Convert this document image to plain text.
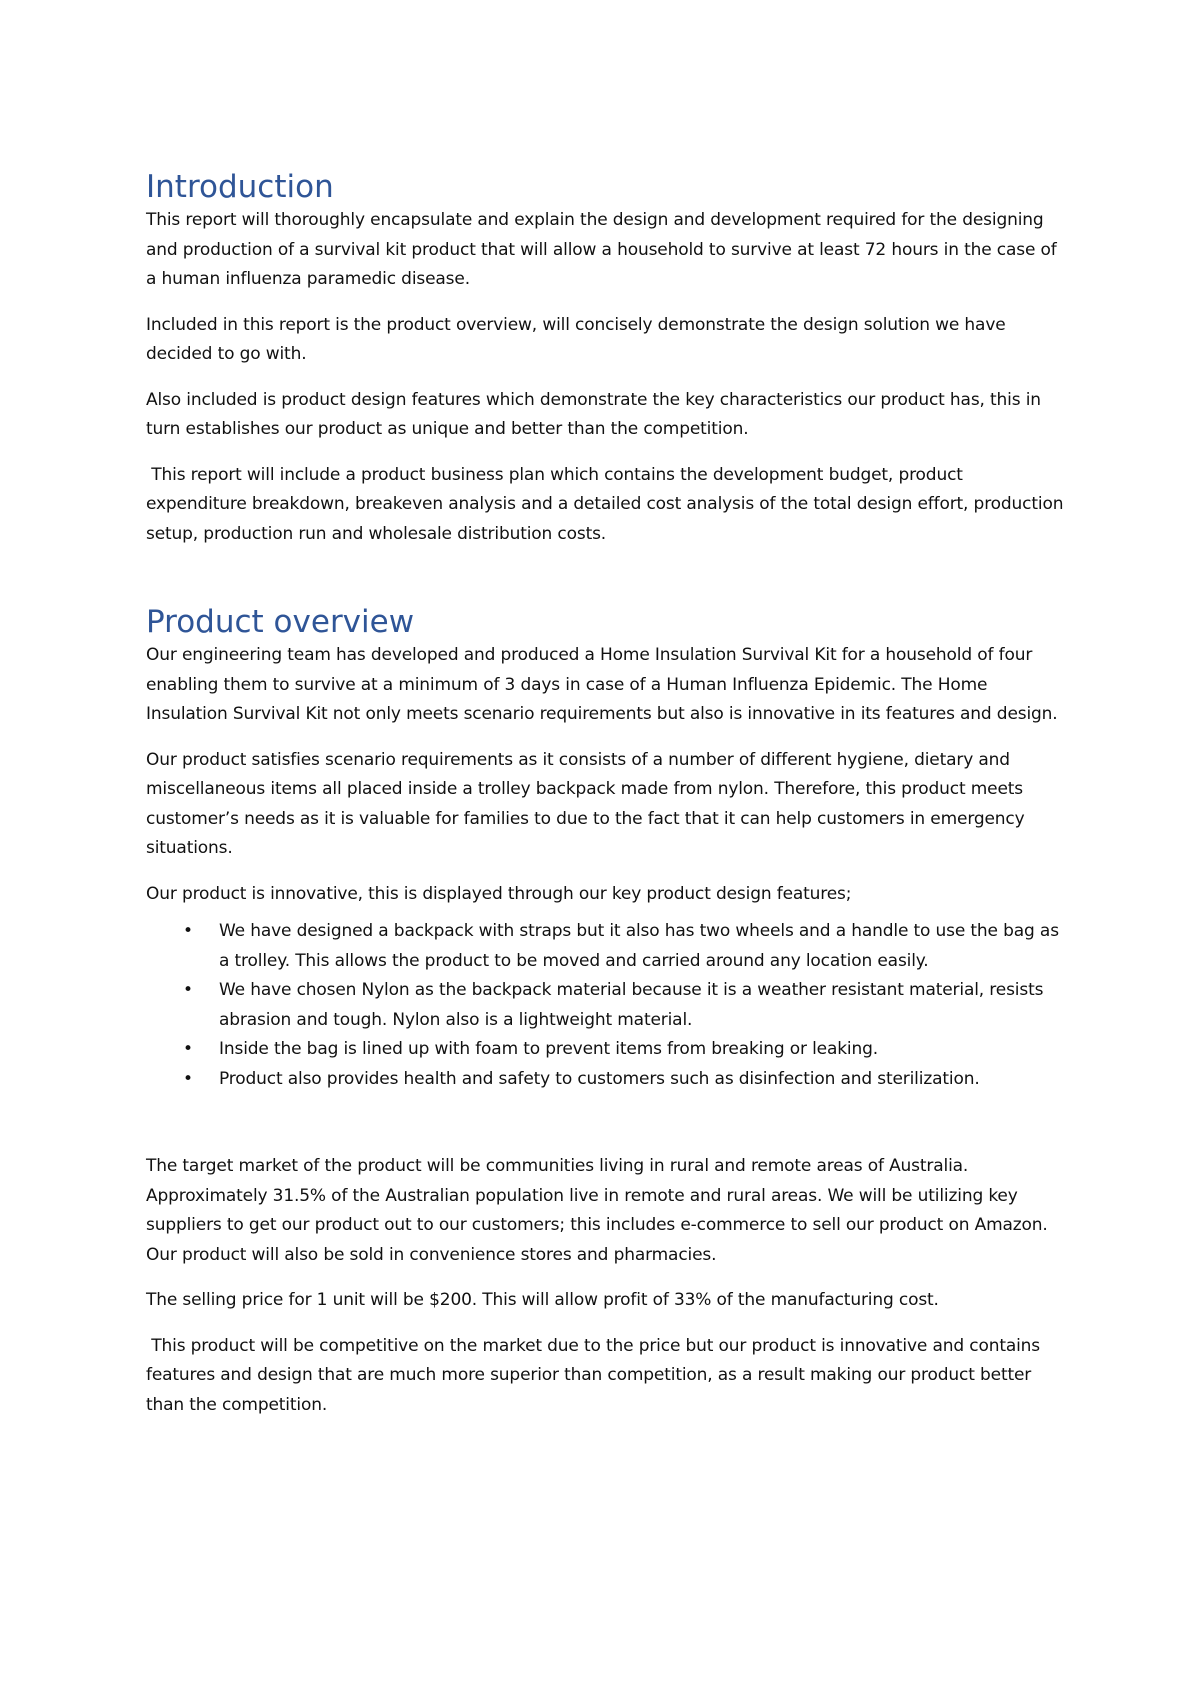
Introduction

This report will thoroughly encapsulate and explain the design and development required for the designing and production of a survival kit product that will allow a household to survive at least 72 hours in the case of a human influenza paramedic disease.

Included in this report is the product overview, will concisely demonstrate the design solution we have decided to go with.

Also included is product design features which demonstrate the key characteristics our product has, this in turn establishes our product as unique and better than the competition.

This report will include a product business plan which contains the development budget, product expenditure breakdown, breakeven analysis and a detailed cost analysis of the total design effort, production setup, production run and wholesale distribution costs.

Product overview

Our engineering team has developed and produced a Home Insulation Survival Kit for a household of four enabling them to survive at a minimum of 3 days in case of a Human Influenza Epidemic. The Home Insulation Survival Kit not only meets scenario requirements but also is innovative in its features and design.

Our product satisfies scenario requirements as it consists of a number of different hygiene, dietary and miscellaneous items all placed inside a trolley backpack made from nylon. Therefore, this product meets customer’s needs as it is valuable for families to due to the fact that it can help customers in emergency situations.

Our product is innovative, this is displayed through our key product design features;

• We have designed a backpack with straps but it also has two wheels and a handle to use the bag as a trolley. This allows the product to be moved and carried around any location easily.
• We have chosen Nylon as the backpack material because it is a weather resistant material, resists abrasion and tough. Nylon also is a lightweight material.
• Inside the bag is lined up with foam to prevent items from breaking or leaking.
• Product also provides health and safety to customers such as disinfection and sterilization.

The target market of the product will be communities living in rural and remote areas of Australia. Approximately 31.5% of the Australian population live in remote and rural areas. We will be utilizing key suppliers to get our product out to our customers; this includes e-commerce to sell our product on Amazon. Our product will also be sold in convenience stores and pharmacies.

The selling price for 1 unit will be $200. This will allow profit of 33% of the manufacturing cost.

This product will be competitive on the market due to the price but our product is innovative and contains features and design that are much more superior than competition, as a result making our product better than the competition.
